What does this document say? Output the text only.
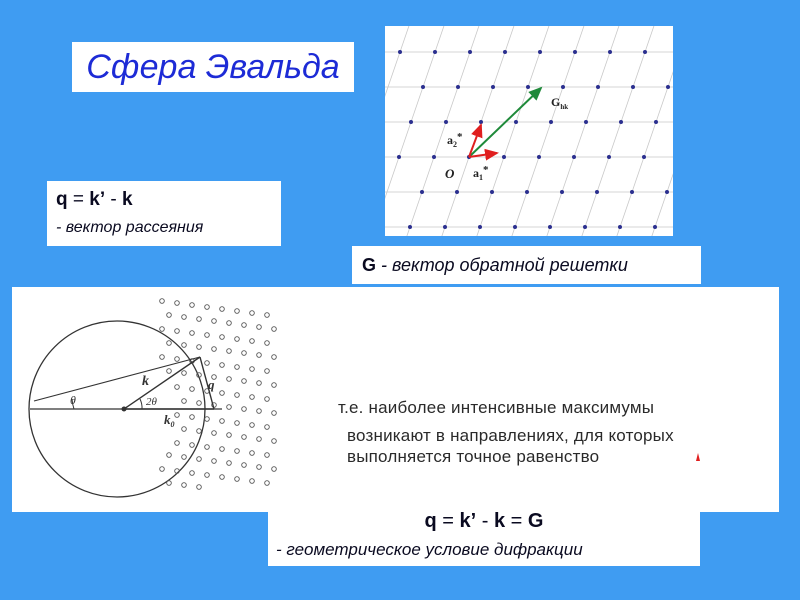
Сфера Эвальда
q = k’ - k
- вектор рассеяния
O $a_1*$
$a_2*$
$G_{hk}$
G - вектор обратной решетки
θ	2θ
k
$k_0$
q
т.е. наиболее интенсивные максимумы
возникают в направлениях, для которых
выполняется точное равенство
q = k’ - k = G
- геометрическое условие дифракции
